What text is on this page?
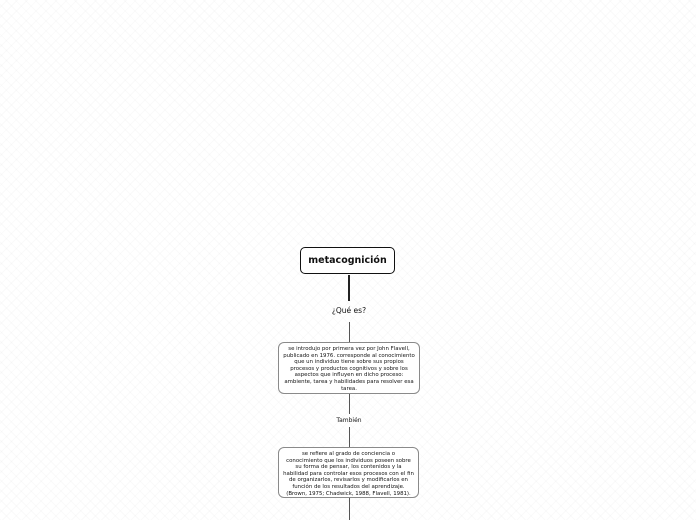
metacognición
¿Qué es?
se introdujo por primera vez por John Flavell, publicado en 1976. corresponde al conocimiento que un individuo tiene sobre sus propios procesos y productos cognitivos y sobre los aspectos que influyen en dicho proceso: ambiente, tarea y habilidades para resolver esa tarea.
También
se refiere al grado de conciencia o conocimiento que los individuos poseen sobre su forma de pensar, los contenidos y la habilidad para controlar esos procesos con el fin de organizarlos, revisarlos y modificarlos en función de los resultados del aprendizaje. (Brown, 1975; Chadwick, 1988, Flavell, 1981).
